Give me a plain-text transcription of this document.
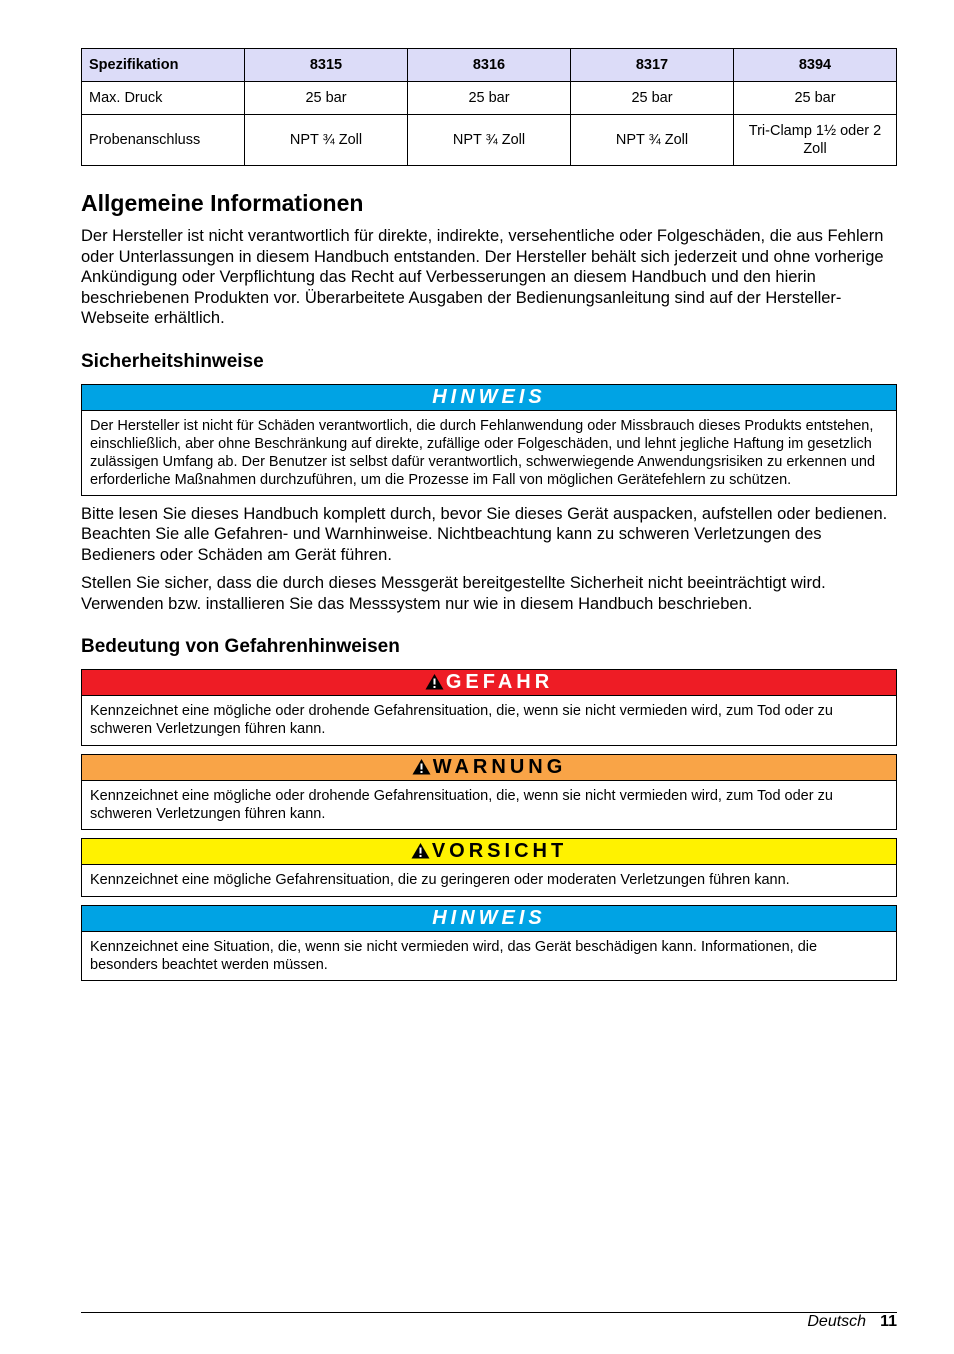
Spezifikation	8315	8316	8317	8394
Max. Druck	25 bar	25 bar	25 bar	25 bar
Probenanschluss	NPT ¾ Zoll	NPT ¾ Zoll	NPT ¾ Zoll	Tri-Clamp 1½ oder 2 Zoll
Allgemeine Informationen

Der Hersteller ist nicht verantwortlich für direkte, indirekte, versehentliche oder Folgeschäden, die aus Fehlern oder Unterlassungen in diesem Handbuch entstanden. Der Hersteller behält sich jederzeit und ohne vorherige Ankündigung oder Verpflichtung das Recht auf Verbesserungen an diesem Handbuch und den hierin beschriebenen Produkten vor. Überarbeitete Ausgaben der Bedienungsanleitung sind auf der Hersteller-Webseite erhältlich.

Sicherheitshinweise
HINWEIS
Der Hersteller ist nicht für Schäden verantwortlich, die durch Fehlanwendung oder Missbrauch dieses Produkts entstehen, einschließlich, aber ohne Beschränkung auf direkte, zufällige oder Folgeschäden, und lehnt jegliche Haftung im gesetzlich zulässigen Umfang ab. Der Benutzer ist selbst dafür verantwortlich, schwerwiegende Anwendungsrisiken zu erkennen und erforderliche Maßnahmen durchzuführen, um die Prozesse im Fall von möglichen Gerätefehlern zu schützen.

Bitte lesen Sie dieses Handbuch komplett durch, bevor Sie dieses Gerät auspacken, aufstellen oder bedienen. Beachten Sie alle Gefahren- und Warnhinweise. Nichtbeachtung kann zu schweren Verletzungen des Bedieners oder Schäden am Gerät führen.

Stellen Sie sicher, dass die durch dieses Messgerät bereitgestellte Sicherheit nicht beeinträchtigt wird. Verwenden bzw. installieren Sie das Messsystem nur wie in diesem Handbuch beschrieben.

Bedeutung von Gefahrenhinweisen
GEFAHR
Kennzeichnet eine mögliche oder drohende Gefahrensituation, die, wenn sie nicht vermieden wird, zum Tod oder zu schweren Verletzungen führen kann.
WARNUNG
Kennzeichnet eine mögliche oder drohende Gefahrensituation, die, wenn sie nicht vermieden wird, zum Tod oder zu schweren Verletzungen führen kann.
VORSICHT
Kennzeichnet eine mögliche Gefahrensituation, die zu geringeren oder moderaten Verletzungen führen kann.
HINWEIS
Kennzeichnet eine Situation, die, wenn sie nicht vermieden wird, das Gerät beschädigen kann. Informationen, die besonders beachtet werden müssen.
Deutsch 11
